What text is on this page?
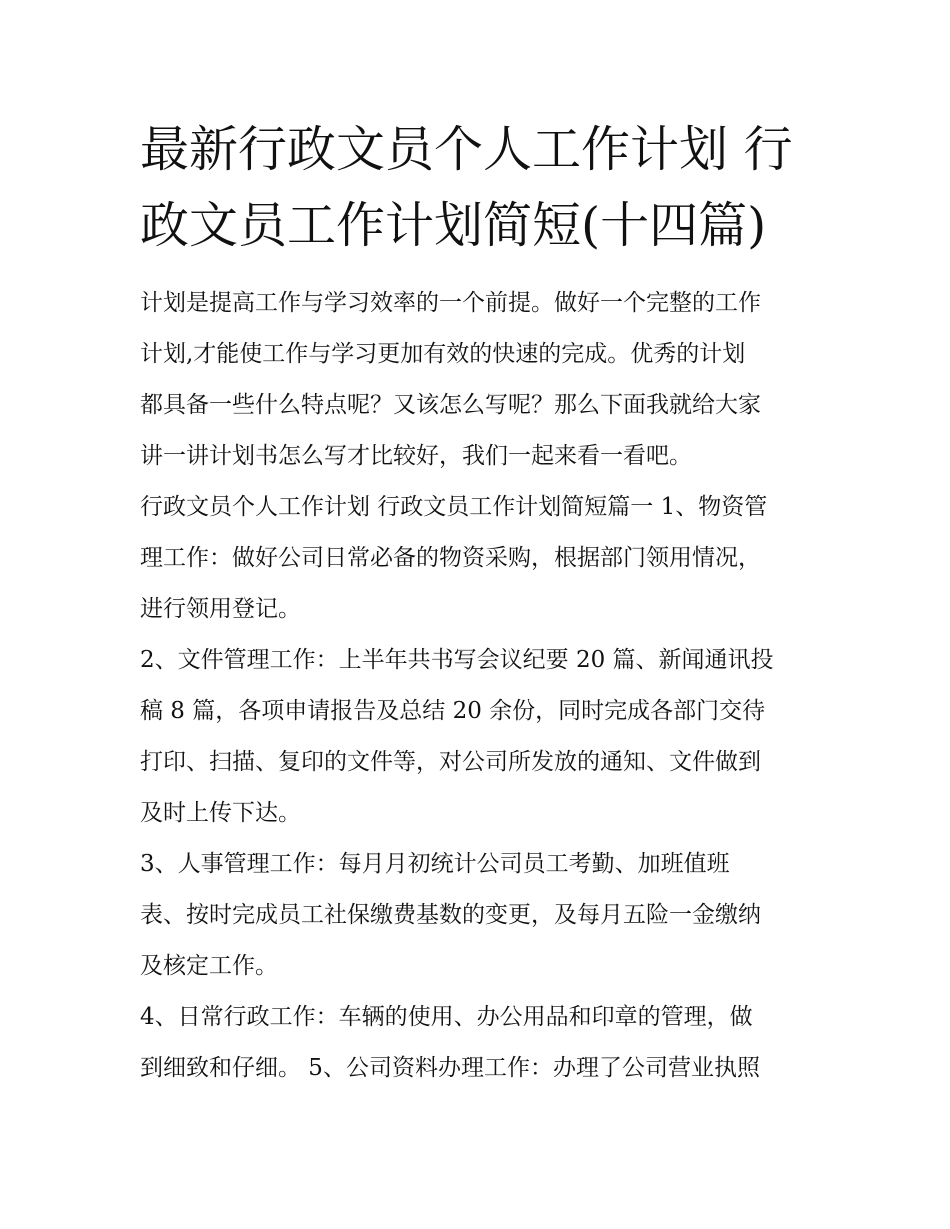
最新行政文员个人工作计划 行
政文员工作计划简短(十四篇)

计划是提高工作与学习效率的一个前提。做好一个完整的工作
计划,才能使工作与学习更加有效的快速的完成。优秀的计划
都具备一些什么特点呢？又该怎么写呢？那么下面我就给大家
讲一讲计划书怎么写才比较好，我们一起来看一看吧。

行政文员个人工作计划 行政文员工作计划简短篇一 1、物资管
理工作：做好公司日常必备的物资采购，根据部门领用情况，
进行领用登记。

2、文件管理工作：上半年共书写会议纪要 20 篇、新闻通讯投
稿 8 篇，各项申请报告及总结 20 余份，同时完成各部门交待
打印、扫描、复印的文件等，对公司所发放的通知、文件做到
及时上传下达。

3、人事管理工作：每月月初统计公司员工考勤、加班值班
表、按时完成员工社保缴费基数的变更，及每月五险一金缴纳
及核定工作。

4、日常行政工作：车辆的使用、办公用品和印章的管理，做
到细致和仔细。 5、公司资料办理工作：办理了公司营业执照
